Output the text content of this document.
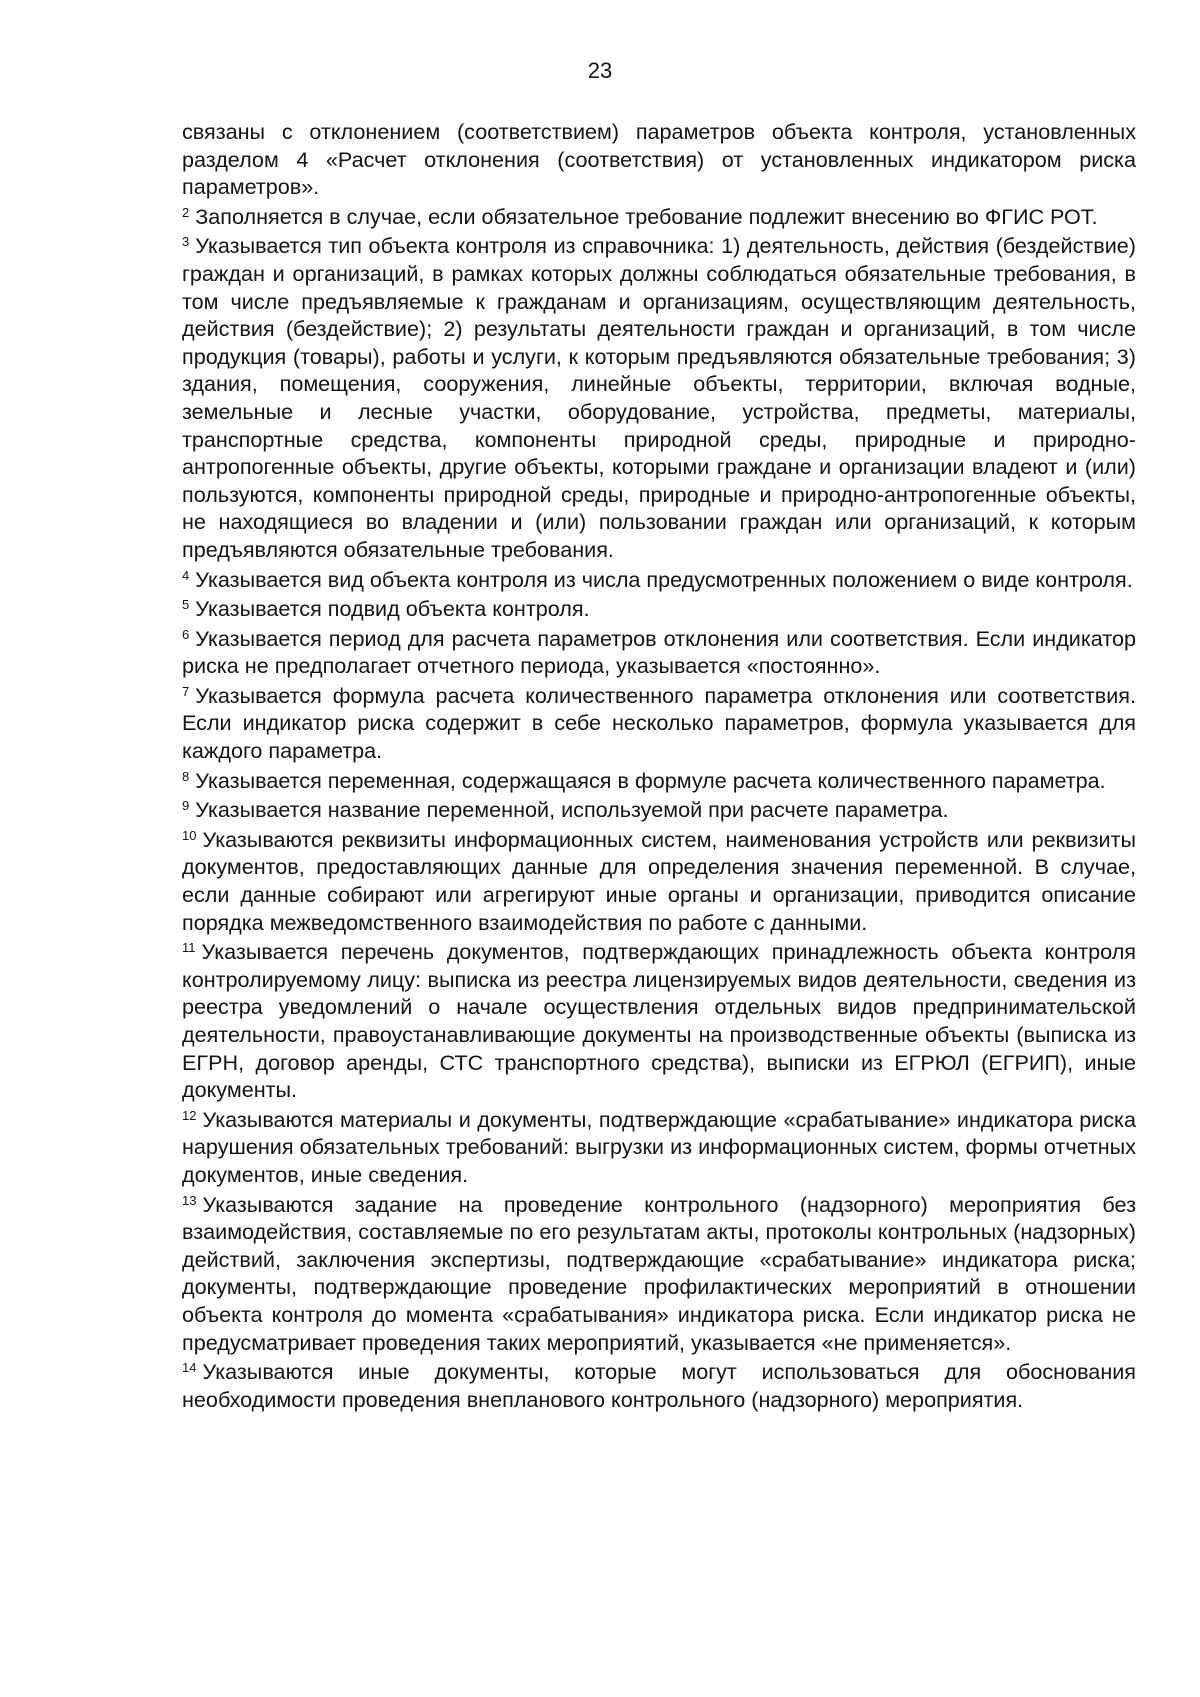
23

связаны с отклонением (соответствием) параметров объекта контроля, установленных разделом 4 «Расчет отклонения (соответствия) от установленных индикатором риска параметров».

$^2$ Заполняется в случае, если обязательное требование подлежит внесению во ФГИС РОТ.

$^3$ Указывается тип объекта контроля из справочника: 1) деятельность, действия (бездействие) граждан и организаций, в рамках которых должны соблюдаться обязательные требования, в том числе предъявляемые к гражданам и организациям, осуществляющим деятельность, действия (бездействие); 2) результаты деятельности граждан и организаций, в том числе продукция (товары), работы и услуги, к которым предъявляются обязательные требования; 3) здания, помещения, сооружения, линейные объекты, территории, включая водные, земельные и лесные участки, оборудование, устройства, предметы, материалы, транспортные средства, компоненты природной среды, природные и природно-антропогенные объекты, другие объекты, которыми граждане и организации владеют и (или) пользуются, компоненты природной среды, природные и природно-антропогенные объекты, не находящиеся во владении и (или) пользовании граждан или организаций, к которым предъявляются обязательные требования.

$^4$ Указывается вид объекта контроля из числа предусмотренных положением о виде контроля.

$^5$ Указывается подвид объекта контроля.

$^6$ Указывается период для расчета параметров отклонения или соответствия. Если индикатор риска не предполагает отчетного периода, указывается «постоянно».

$^7$ Указывается формула расчета количественного параметра отклонения или соответствия. Если индикатор риска содержит в себе несколько параметров, формула указывается для каждого параметра.

$^8$ Указывается переменная, содержащаяся в формуле расчета количественного параметра.

$^9$ Указывается название переменной, используемой при расчете параметра.

$^{10}$ Указываются реквизиты информационных систем, наименования устройств или реквизиты документов, предоставляющих данные для определения значения переменной. В случае, если данные собирают или агрегируют иные органы и организации, приводится описание порядка межведомственного взаимодействия по работе с данными.

$^{11}$ Указывается перечень документов, подтверждающих принадлежность объекта контроля контролируемому лицу: выписка из реестра лицензируемых видов деятельности, сведения из реестра уведомлений о начале осуществления отдельных видов предпринимательской деятельности, правоустанавливающие документы на производственные объекты (выписка из ЕГРН, договор аренды, СТС транспортного средства), выписки из ЕГРЮЛ (ЕГРИП), иные документы.

$^{12}$ Указываются материалы и документы, подтверждающие «срабатывание» индикатора риска нарушения обязательных требований: выгрузки из информационных систем, формы отчетных документов, иные сведения.

$^{13}$ Указываются задание на проведение контрольного (надзорного) мероприятия без взаимодействия, составляемые по его результатам акты, протоколы контрольных (надзорных) действий, заключения экспертизы, подтверждающие «срабатывание» индикатора риска; документы, подтверждающие проведение профилактических мероприятий в отношении объекта контроля до момента «срабатывания» индикатора риска. Если индикатор риска не предусматривает проведения таких мероприятий, указывается «не применяется».

$^{14}$ Указываются иные документы, которые могут использоваться для обоснования необходимости проведения внепланового контрольного (надзорного) мероприятия.
